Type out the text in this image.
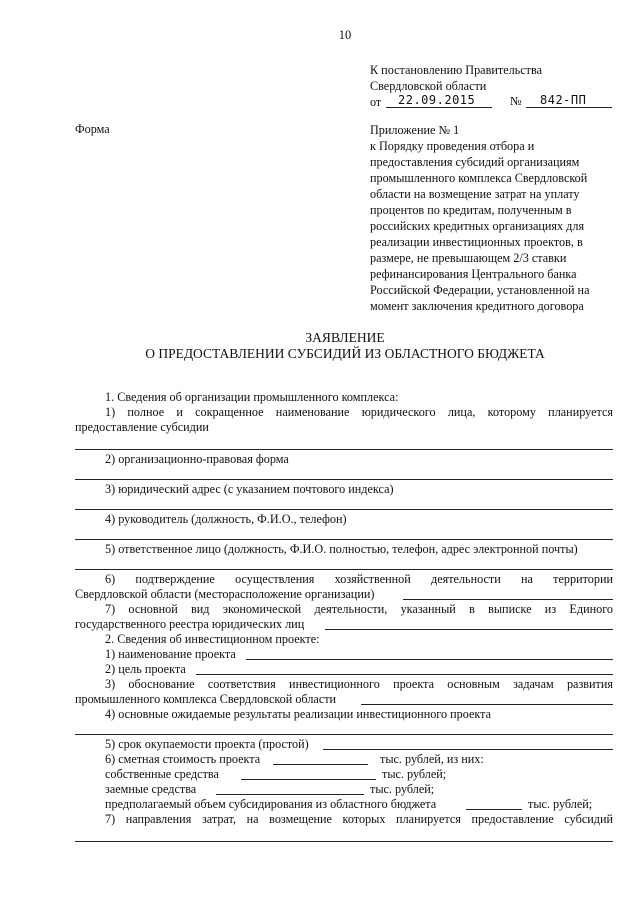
10
К постановлению Правительства
Свердловской области
от 22.09.2015	№ 842-ПП
Форма	Приложение № 1
к Порядку проведения отбора и
предоставления субсидий организациям
промышленного комплекса Свердловской
области на возмещение затрат на уплату
процентов по кредитам, полученным в
российских кредитных организациях для
реализации инвестиционных проектов, в
размере, не превышающем 2/3 ставки
рефинансирования Центрального банка
Российской Федерации, установленной на
момент заключения кредитного договора
ЗАЯВЛЕНИЕ
О ПРЕДОСТАВЛЕНИИ СУБСИДИЙ ИЗ ОБЛАСТНОГО БЮДЖЕТА
1. Сведения об организации промышленного комплекса:
1) полное и сокращенное наименование юридического лица, которому планируется
предоставление субсидии
2) организационно-правовая форма
3) юридический адрес (с указанием почтового индекса)
4) руководитель (должность, Ф.И.О., телефон)
5) ответственное лицо (должность, Ф.И.О. полностью, телефон, адрес электронной почты)
6) подтверждение осуществления хозяйственной деятельности на территории
Свердловской области (месторасположение организации)
7) основной вид экономической деятельности, указанный в выписке из Единого
государственного реестра юридических лиц
2. Сведения об инвестиционном проекте:
1) наименование проекта
2) цель проекта
3) обоснование соответствия инвестиционного проекта основным задачам развития
промышленного комплекса Свердловской области
4) основные ожидаемые результаты реализации инвестиционного проекта
5) срок окупаемости проекта (простой)
6) сметная стоимость проекта	тыс. рублей, из них:
собственные средства	тыс. рублей;
заемные средства	тыс. рублей;
предполагаемый объем субсидирования из областного бюджета	тыс. рублей;
7) направления затрат, на возмещение которых планируется предоставление субсидий
